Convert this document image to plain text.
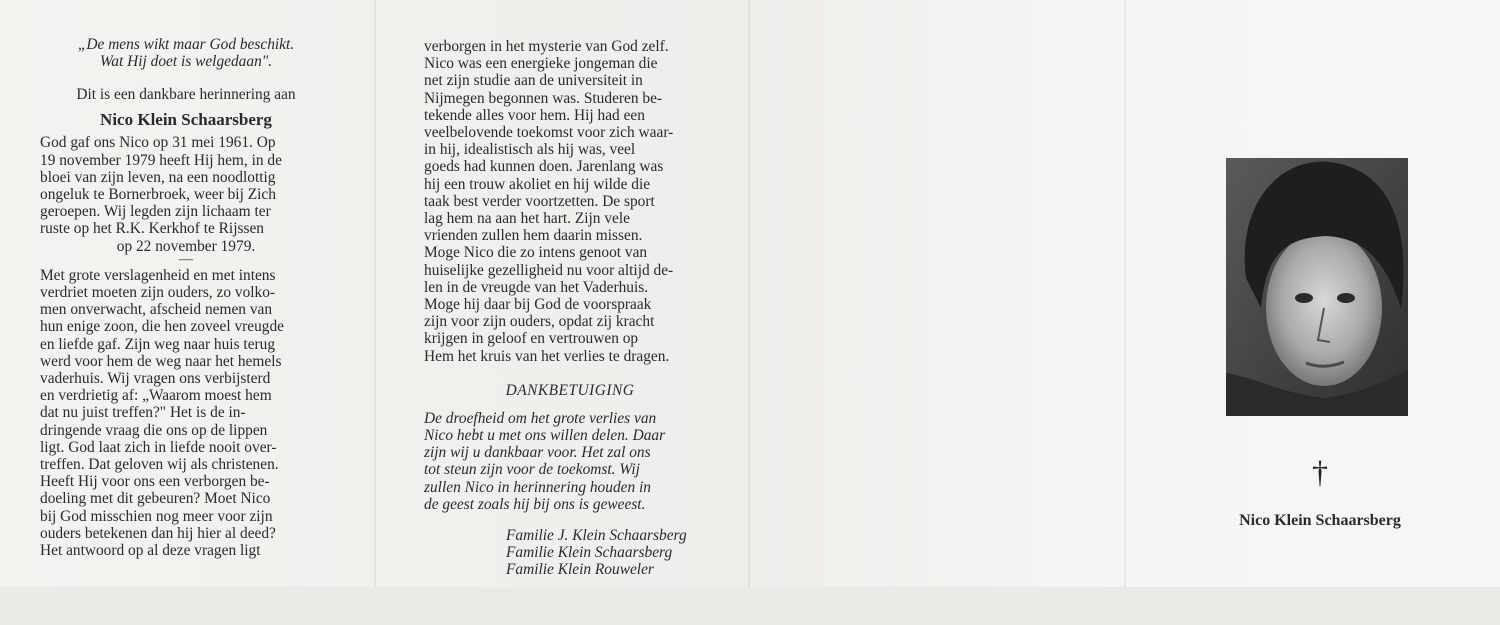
„De mens wikt maar God beschikt.
Wat Hij doet is welgedaan".
Dit is een dankbare herinnering aan
Nico Klein Schaarsberg
God gaf ons Nico op 31 mei 1961. Op
19 november 1979 heeft Hij hem, in de
bloei van zijn leven, na een noodlottig
ongeluk te Bornerbroek, weer bij Zich
geroepen. Wij legden zijn lichaam ter
ruste op het R.K. Kerkhof te Rijssen
op 22 november 1979.
—
Met grote verslagenheid en met intens
verdriet moeten zijn ouders, zo volko-
men onverwacht, afscheid nemen van
hun enige zoon, die hen zoveel vreugde
en liefde gaf. Zijn weg naar huis terug
werd voor hem de weg naar het hemels
vaderhuis. Wij vragen ons verbijsterd
en verdrietig af: „Waarom moest hem
dat nu juist treffen?" Het is de in-
dringende vraag die ons op de lippen
ligt. God laat zich in liefde nooit over-
treffen. Dat geloven wij als christenen.
Heeft Hij voor ons een verborgen be-
doeling met dit gebeuren? Moet Nico
bij God misschien nog meer voor zijn
ouders betekenen dan hij hier al deed?
Het antwoord op al deze vragen ligt
verborgen in het mysterie van God zelf.
Nico was een energieke jongeman die
net zijn studie aan de universiteit in
Nijmegen begonnen was. Studeren be-
tekende alles voor hem. Hij had een
veelbelovende toekomst voor zich waar-
in hij, idealistisch als hij was, veel
goeds had kunnen doen. Jarenlang was
hij een trouw akoliet en hij wilde die
taak best verder voortzetten. De sport
lag hem na aan het hart. Zijn vele
vrienden zullen hem daarin missen.
Moge Nico die zo intens genoot van
huiselijke gezelligheid nu voor altijd de-
len in de vreugde van het Vaderhuis.
Moge hij daar bij God de voorspraak
zijn voor zijn ouders, opdat zij kracht
krijgen in geloof en vertrouwen op
Hem het kruis van het verlies te dragen.
DANKBETUIGING
De droefheid om het grote verlies van
Nico hebt u met ons willen delen. Daar
zijn wij u dankbaar voor. Het zal ons
tot steun zijn voor de toekomst. Wij
zullen Nico in herinnering houden in
de geest zoals hij bij ons is geweest.
Familie J. Klein Schaarsberg
Familie Klein Schaarsberg
Familie Klein Rouweler
†
Nico Klein Schaarsberg
